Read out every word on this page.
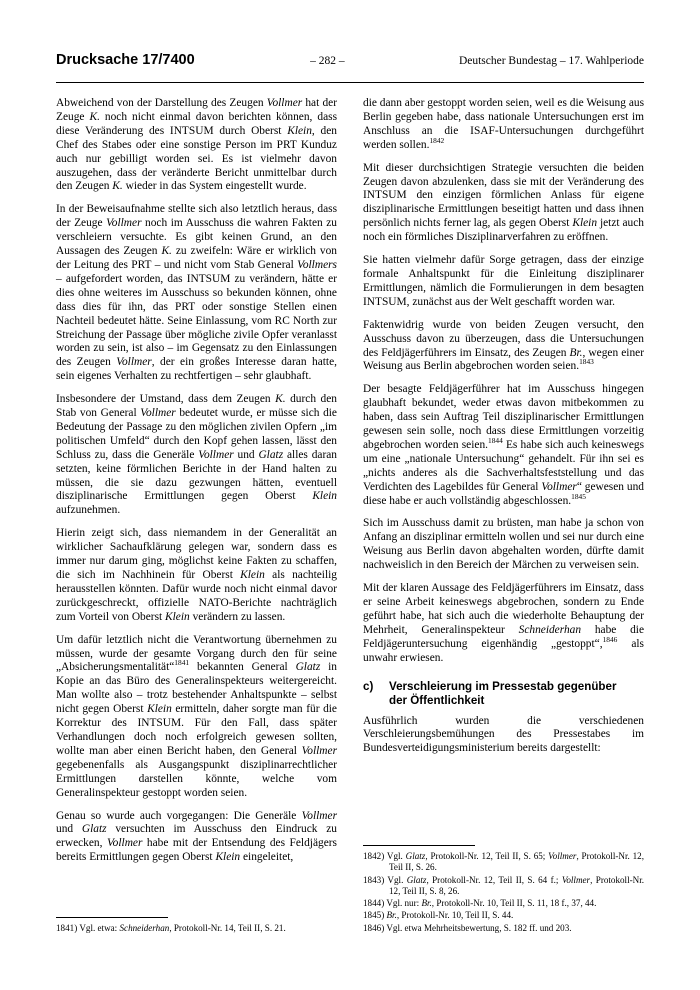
Drucksache 17/7400	– 282 –	Deutscher Bundestag – 17. Wahlperiode

Abweichend von der Darstellung des Zeugen Vollmer hat der Zeuge K. noch nicht einmal davon berichten können, dass diese Veränderung des INTSUM durch Oberst Klein, den Chef des Stabes oder eine sonstige Person im PRT Kunduz auch nur gebilligt worden sei. Es ist vielmehr davon auszugehen, dass der veränderte Bericht unmittelbar durch den Zeugen K. wieder in das System eingestellt wurde.

In der Beweisaufnahme stellte sich also letztlich heraus, dass der Zeuge Vollmer noch im Ausschuss die wahren Fakten zu verschleiern versuchte. Es gibt keinen Grund, an den Aussagen des Zeugen K. zu zweifeln: Wäre er wirklich von der Leitung des PRT – und nicht vom Stab General Vollmers – aufgefordert worden, das INTSUM zu verändern, hätte er dies ohne weiteres im Ausschuss so bekunden können, ohne dass dies für ihn, das PRT oder sonstige Stellen einen Nachteil bedeutet hätte. Seine Einlassung, vom RC North zur Streichung der Passage über mögliche zivile Opfer veranlasst worden zu sein, ist also – im Gegensatz zu den Einlassungen des Zeugen Vollmer, der ein großes Interesse daran hatte, sein eigenes Verhalten zu rechtfertigen – sehr glaubhaft.

Insbesondere der Umstand, dass dem Zeugen K. durch den Stab von General Vollmer bedeutet wurde, er müsse sich die Bedeutung der Passage zu den möglichen zivilen Opfern „im politischen Umfeld“ durch den Kopf gehen lassen, lässt den Schluss zu, dass die Generäle Vollmer und Glatz alles daran setzten, keine förmlichen Berichte in der Hand halten zu müssen, die sie dazu gezwungen hätten, eventuell disziplinarische Ermittlungen gegen Oberst Klein aufzunehmen.

Hierin zeigt sich, dass niemandem in der Generalität an wirklicher Sachaufklärung gelegen war, sondern dass es immer nur darum ging, möglichst keine Fakten zu schaffen, die sich im Nachhinein für Oberst Klein als nachteilig herausstellen könnten. Dafür wurde noch nicht einmal davor zurückgeschreckt, offizielle NATO-Berichte nachträglich zum Vorteil von Oberst Klein verändern zu lassen.

Um dafür letztlich nicht die Verantwortung übernehmen zu müssen, wurde der gesamte Vorgang durch den für seine „Absicherungsmentalität“$^{1841}$ bekannten General Glatz in Kopie an das Büro des Generalinspekteurs weitergereicht. Man wollte also – trotz bestehender Anhaltspunkte – selbst nicht gegen Oberst Klein ermitteln, daher sorgte man für die Korrektur des INTSUM. Für den Fall, dass später Verhandlungen doch noch erfolgreich gewesen sollten, wollte man aber einen Bericht haben, den General Vollmer gegebenenfalls als Ausgangspunkt disziplinarrechtlicher Ermittlungen darstellen könnte, welche vom Generalinspekteur gestoppt worden seien.

Genau so wurde auch vorgegangen: Die Generäle Vollmer und Glatz versuchten im Ausschuss den Eindruck zu erwecken, Vollmer habe mit der Entsendung des Feldjägers bereits Ermittlungen gegen Oberst Klein eingeleitet,

1841) Vgl. etwa: Schneiderhan, Protokoll-Nr. 14, Teil II, S. 21.

die dann aber gestoppt worden seien, weil es die Weisung aus Berlin gegeben habe, dass nationale Untersuchungen erst im Anschluss an die ISAF-Untersuchungen durchgeführt werden sollen.$^{1842}$

Mit dieser durchsichtigen Strategie versuchten die beiden Zeugen davon abzulenken, dass sie mit der Veränderung des INTSUM den einzigen förmlichen Anlass für eigene disziplinarische Ermittlungen beseitigt hatten und dass ihnen persönlich nichts ferner lag, als gegen Oberst Klein jetzt auch noch ein förmliches Disziplinarverfahren zu eröffnen.

Sie hatten vielmehr dafür Sorge getragen, dass der einzige formale Anhaltspunkt für die Einleitung disziplinarer Ermittlungen, nämlich die Formulierungen in dem besagten INTSUM, zunächst aus der Welt geschafft worden war.

Faktenwidrig wurde von beiden Zeugen versucht, den Ausschuss davon zu überzeugen, dass die Untersuchungen des Feldjägerführers im Einsatz, des Zeugen Br., wegen einer Weisung aus Berlin abgebrochen worden seien.$^{1843}$

Der besagte Feldjägerführer hat im Ausschuss hingegen glaubhaft bekundet, weder etwas davon mitbekommen zu haben, dass sein Auftrag Teil disziplinarischer Ermittlungen gewesen sein solle, noch dass diese Ermittlungen vorzeitig abgebrochen worden seien.$^{1844}$ Es habe sich auch keineswegs um eine „nationale Untersuchung“ gehandelt. Für ihn sei es „nichts anderes als die Sachverhaltsfeststellung und das Verdichten des Lagebildes für General Vollmer“ gewesen und diese habe er auch vollständig abgeschlossen.$^{1845}$

Sich im Ausschuss damit zu brüsten, man habe ja schon von Anfang an disziplinar ermitteln wollen und sei nur durch eine Weisung aus Berlin davon abgehalten worden, dürfte damit nachweislich in den Bereich der Märchen zu verweisen sein.

Mit der klaren Aussage des Feldjägerführers im Einsatz, dass er seine Arbeit keineswegs abgebrochen, sondern zu Ende geführt habe, hat sich auch die wiederholte Behauptung der Mehrheit, Generalinspekteur Schneiderhan habe die Feldjägeruntersuchung eigenhändig „gestoppt“,$^{1846}$ als unwahr erwiesen.

c)	Verschleierung im Pressestab gegenüber
der Öffentlichkeit

Ausführlich wurden die verschiedenen Verschleierungsbemühungen des Pressestabes im Bundesverteidigungsministerium bereits dargestellt:

1842) Vgl. Glatz, Protokoll-Nr. 12, Teil II, S. 65; Vollmer, Protokoll-Nr. 12, Teil II, S. 26.

1843) Vgl. Glatz, Protokoll-Nr. 12, Teil II, S. 64 f.; Vollmer, Protokoll-Nr. 12, Teil II, S. 8, 26.

1844) Vgl. nur: Br., Protokoll-Nr. 10, Teil II, S. 11, 18 f., 37, 44.

1845) Br., Protokoll-Nr. 10, Teil II, S. 44.

1846) Vgl. etwa Mehrheitsbewertung, S. 182 ff. und 203.
